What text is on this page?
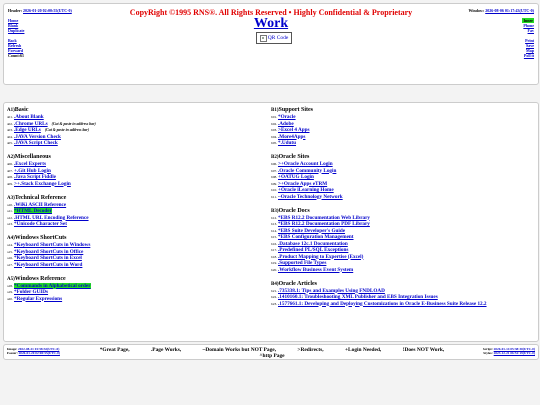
Header: 2026-01-20 02:00:55(UTC-0)	Window: 2026-08-06 01:17:43(UTC-0)
Home
Blank
Duplicate
Back
Refresh
Forward
Count:61
CopyRight ©1995 RNS®. All Rights Reserved • Highly Confidential & Proprietary
Work
QR Code
Inner
Phone
Fav
Print
Save
Map
Poll it
A1)Basic
a01..About Blank
a02..Chrome URLs (Cut & paste in address bar)
a03..Edge URLs (Cut & paste in address bar)
a04..JAVA Version Check
a05..JAVA Script Check
A2)Miscellaneous
a06..Excel Experts
a07.+.Git Hub Login
a08..Java Script Fiddle
a09.>+.Stack Exchange Login
A3)Technical Reference
a10..WiKi ASCII Reference
a11.*HTML Decoder
a12..HTML URL Encoding Reference
a13.*Unicode Character Set
A4)Windows ShortCuts
a14.*Keyboard ShortCuts in Windows
a15.*Keyboard ShortCuts in Office
a16.*Keyboard ShortCuts in Excel
a17.*Keyboard ShortCuts in Word
A5)Windows Reference
a18.*Commands in Alphabetical order
a19.*Folder GUIDs
a20.*Regular Expressions
B1)Support Sites
b01.*Oracle
b02..Adobe
b03.>Excel 4 Apps
b04..More4Apps
b05.*.Udutu
B2)Oracle Sites
b06.>+Oracle Account Login
b07..Oracle Community Login
b08.+OATUG Login
b09.>+Oracle Apps eTRM
b10.+Oracle iLearning Home
b11.~Oracle Technology Network
B3)Oracle Docs
b12.*EBS R12.2 Documentation Web Library
b13.*EBS R12.2 Documentation PDF Library
b14.*EBS Suite Developer's Guide
b15.*EBS Configuration Management
b16..Database 12c.1 Documentation
b17..Predefined PL/SQL Exceptions
b18..Product Mapping to Expertise (Excel)
b19..Supported File Types
b20..Workflow Business Event System
B4)Oracle Articles
b21..735338.1: Tips and Examples Using FNDLOAD
b22..1410160.1: Troubleshooting XML Publisher and EBS Integration Issues
b23..1577661.1: Developing and Deploying Customizations in Oracle E-Business Suite Release 12.2
Image: 2022-08-21 01:58:32(UTC-0)
Footer: 2026-01-20 02:00:55(UTC-0)
*Great Page,	.Page Works,	~Domain Works but NOT Page,	>Redirects,	+Login Needed,	!Does NOT Work,
^http Page
Script: 2026-01-14 05:38:30(UTC-0)
Styles: 2023-12-21 06:51:19(UTC-0)
